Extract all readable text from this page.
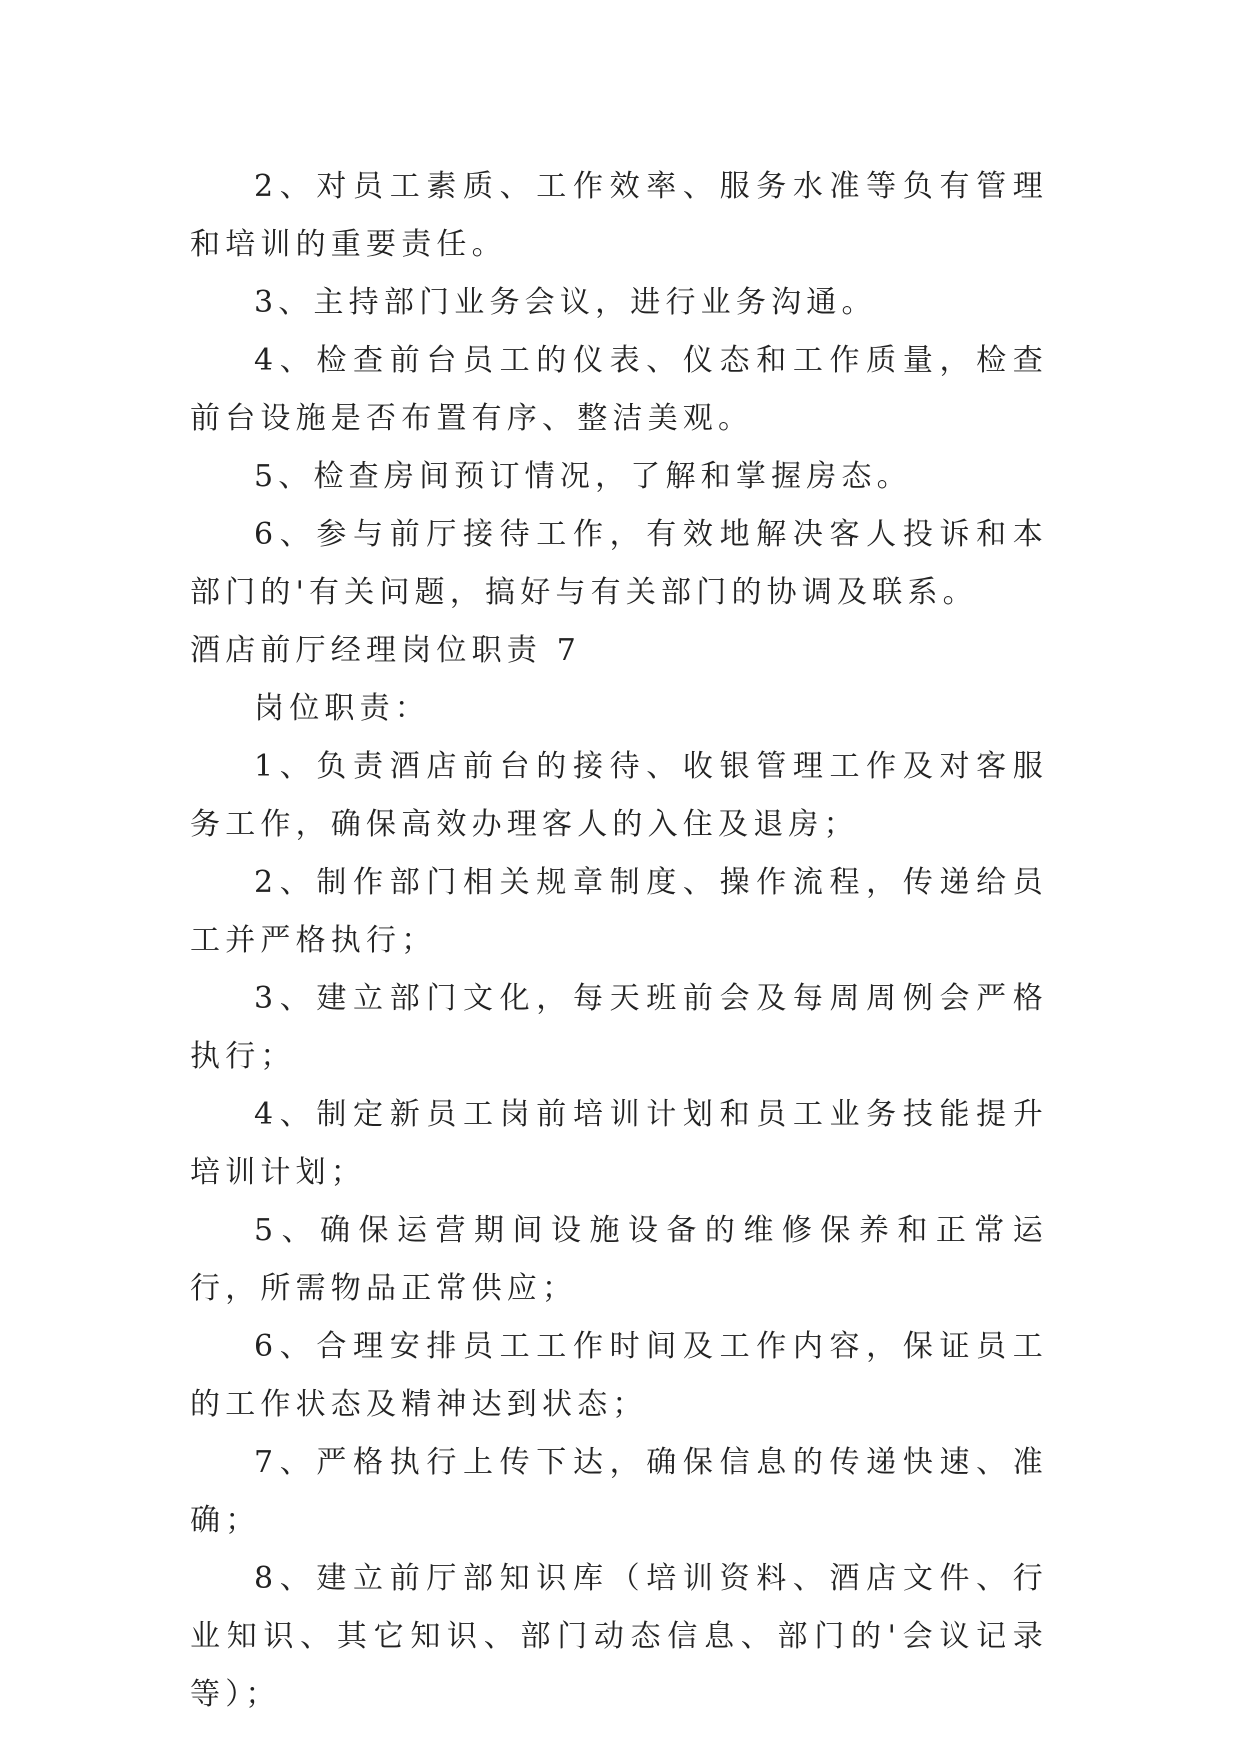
2、对员工素质、工作效率、服务水准等负有管理和培训的重要责任。

3、主持部门业务会议，进行业务沟通。

4、检查前台员工的仪表、仪态和工作质量，检查前台设施是否布置有序、整洁美观。

5、检查房间预订情况，了解和掌握房态。

6、参与前厅接待工作，有效地解决客人投诉和本部门的'有关问题，搞好与有关部门的协调及联系。

酒店前厅经理岗位职责 7

岗位职责：

1、负责酒店前台的接待、收银管理工作及对客服务工作，确保高效办理客人的入住及退房；

2、制作部门相关规章制度、操作流程，传递给员工并严格执行；

3、建立部门文化，每天班前会及每周周例会严格执行；

4、制定新员工岗前培训计划和员工业务技能提升培训计划；

5、确保运营期间设施设备的维修保养和正常运行，所需物品正常供应；

6、合理安排员工工作时间及工作内容，保证员工的工作状态及精神达到状态；

7、严格执行上传下达，确保信息的传递快速、准确；

8、建立前厅部知识库（培训资料、酒店文件、行业知识、其它知识、部门动态信息、部门的'会议记录等）；
